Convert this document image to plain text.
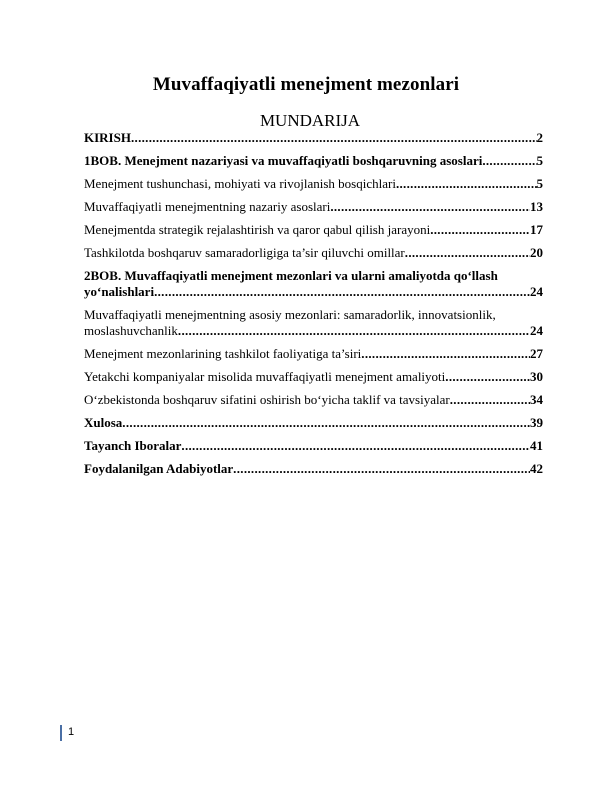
Muvaffaqiyatli menejment mezonlari
MUNDARIJA
KIRISH .....	2
1BOB. Menejment nazariyasi va muvaffaqiyatli boshqaruvning asoslari .....	5
Menejment tushunchasi, mohiyati va rivojlanish bosqichlari .....	5
Muvaffaqiyatli menejmentning nazariy asoslari .....	13
Menejmentda strategik rejalashtirish va qaror qabul qilish jarayoni .....	17
Tashkilotda boshqaruv samaradorligiga ta’sir qiluvchi omillar .....	20
2BOB. Muvaffaqiyatli menejment mezonlari va ularni amaliyotda qo‘llash
yo‘nalishlari .....	24
Muvaffaqiyatli menejmentning asosiy mezonlari: samaradorlik, innovatsionlik,
moslashuvchanlik .....	24
Menejment mezonlarining tashkilot faoliyatiga ta’siri .....	27
Yetakchi kompaniyalar misolida muvaffaqiyatli menejment amaliyoti .....	30
O‘zbekistonda boshqaruv sifatini oshirish bo‘yicha taklif va tavsiyalar .....	34
Xulosa .....	39
Tayanch Iboralar .....	41
Foydalanilgan Adabiyotlar .....	42
1
